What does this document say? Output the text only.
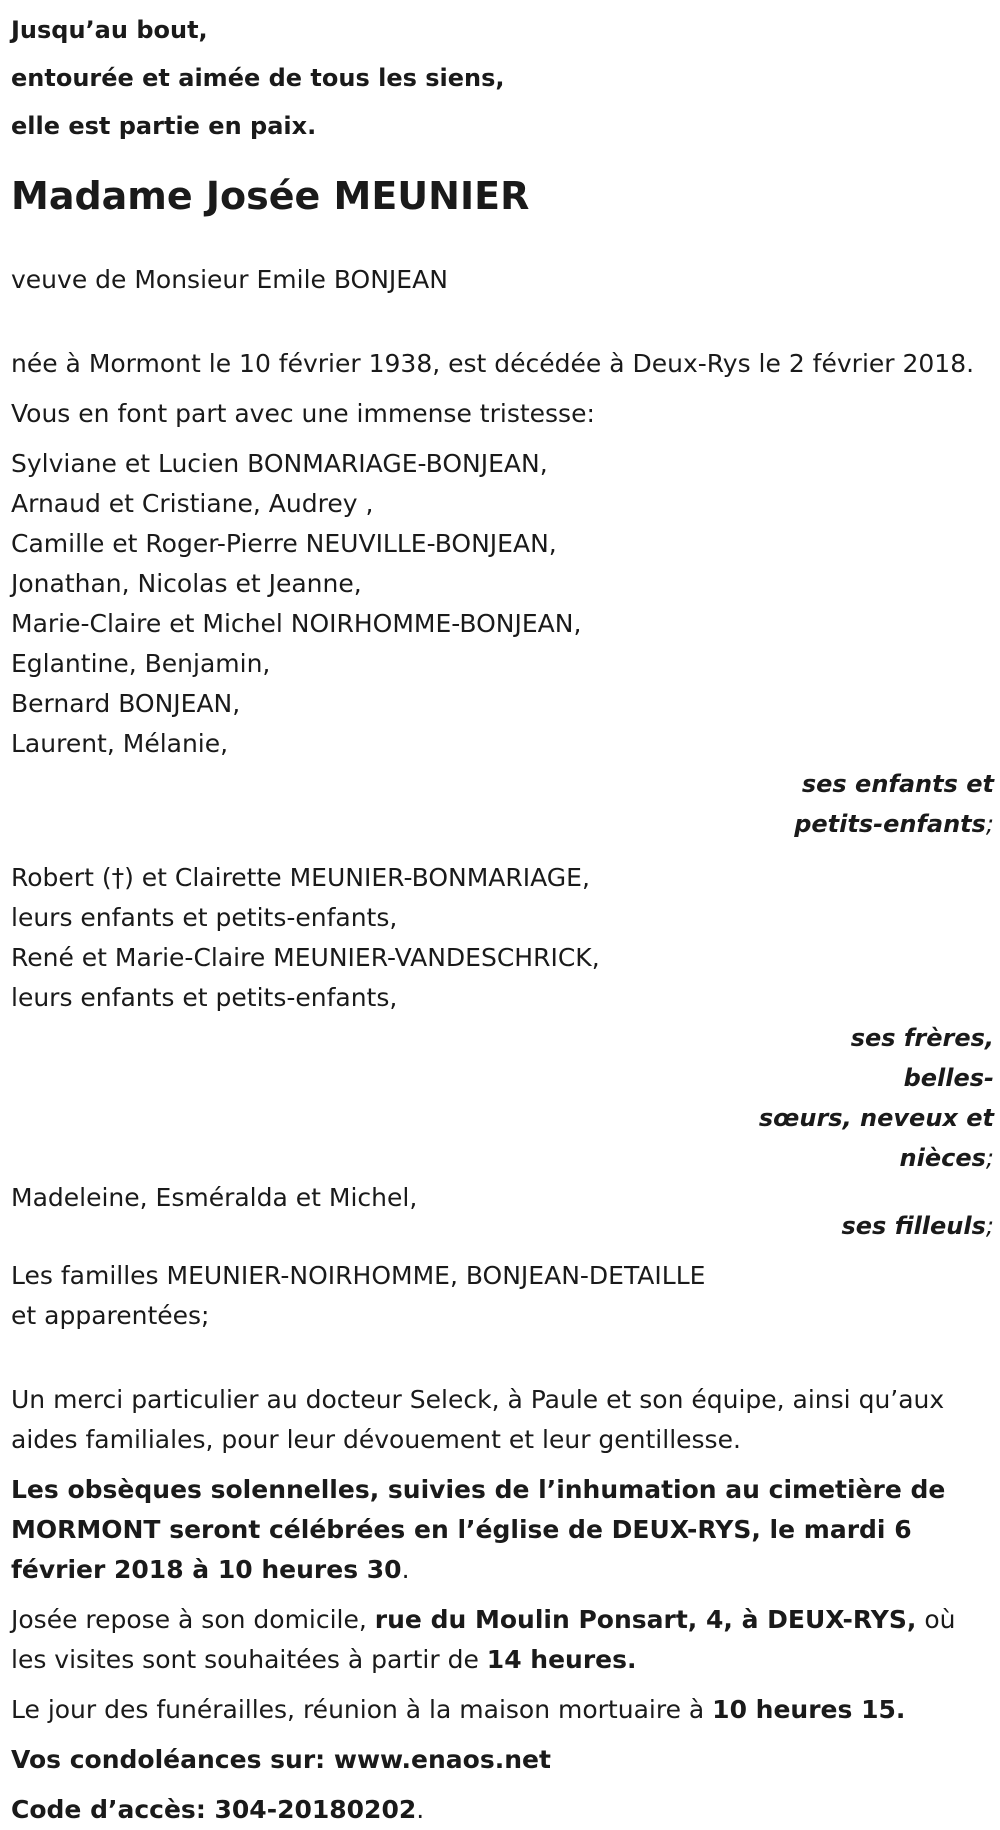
Jusqu’au bout,

entourée et aimée de tous les siens,

elle est partie en paix.

Madame Josée MEUNIER

veuve de Monsieur Emile BONJEAN

née à Mormont le 10 février 1938, est décédée à Deux-Rys le 2 février 2018.

Vous en font part avec une immense tristesse:

Sylviane et Lucien BONMARIAGE-BONJEAN,

Arnaud et Cristiane, Audrey ,

Camille et Roger-Pierre NEUVILLE-BONJEAN,

Jonathan, Nicolas et Jeanne,

Marie-Claire et Michel NOIRHOMME-BONJEAN,

Eglantine, Benjamin,

Bernard BONJEAN,

Laurent, Mélanie,

ses enfants et

petits-enfants;

Robert (†) et Clairette MEUNIER-BONMARIAGE,

leurs enfants et petits-enfants,

René et Marie-Claire MEUNIER-VANDESCHRICK,

leurs enfants et petits-enfants,

ses frères, belles-

sœurs, neveux et

nièces;

Madeleine, Esméralda et Michel,

ses filleuls;

Les familles MEUNIER-NOIRHOMME, BONJEAN-DETAILLE

et apparentées;

Un merci particulier au docteur Seleck, à Paule et son équipe, ainsi qu’aux aides familiales, pour leur dévouement et leur gentillesse.

Les obsèques solennelles, suivies de l’inhumation au cimetière de MORMONT seront célébrées en l’église de DEUX-RYS, le mardi 6 février 2018 à 10 heures 30.

Josée repose à son domicile, rue du Moulin Ponsart, 4, à DEUX-RYS, où les visites sont souhaitées à partir de 14 heures.

Le jour des funérailles, réunion à la maison mortuaire à 10 heures 15.

Vos condoléances sur: www.enaos.net

Code d’accès: 304-20180202.
